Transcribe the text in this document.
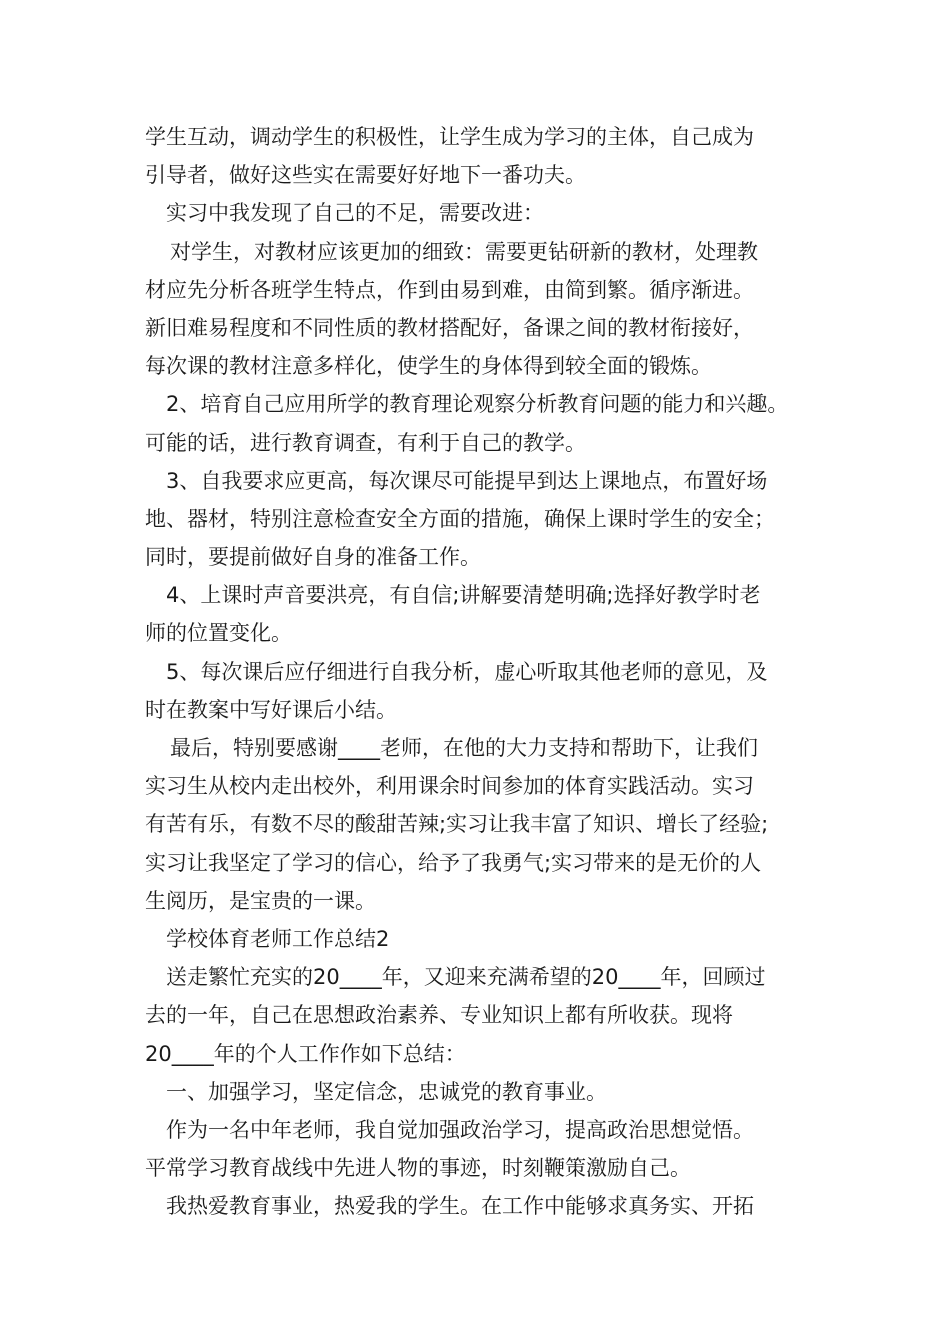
学生互动，调动学生的积极性，让学生成为学习的主体，自己成为
引导者，做好这些实在需要好好地下一番功夫。
实习中我发现了自己的不足，需要改进：
对学生，对教材应该更加的细致：需要更钻研新的教材，处理教
材应先分析各班学生特点，作到由易到难，由简到繁。循序渐进。
新旧难易程度和不同性质的教材搭配好，备课之间的教材衔接好，
每次课的教材注意多样化，使学生的身体得到较全面的锻炼。
2、培育自己应用所学的教育理论观察分析教育问题的能力和兴趣。
可能的话，进行教育调查，有利于自己的教学。
3、自我要求应更高，每次课尽可能提早到达上课地点，布置好场
地、器材，特别注意检查安全方面的措施，确保上课时学生的安全；
同时，要提前做好自身的准备工作。
4、上课时声音要洪亮，有自信;讲解要清楚明确;选择好教学时老
师的位置变化。
5、每次课后应仔细进行自我分析，虚心听取其他老师的意见，及
时在教案中写好课后小结。
最后，特别要感谢____老师，在他的大力支持和帮助下，让我们
实习生从校内走出校外，利用课余时间参加的体育实践活动。实习
有苦有乐，有数不尽的酸甜苦辣;实习让我丰富了知识、增长了经验;
实习让我坚定了学习的信心，给予了我勇气;实习带来的是无价的人
生阅历，是宝贵的一课。
学校体育老师工作总结2
送走繁忙充实的20____年，又迎来充满希望的20____年，回顾过
去的一年，自己在思想政治素养、专业知识上都有所收获。现将
20____年的个人工作作如下总结：
一、加强学习，坚定信念，忠诚党的教育事业。
作为一名中年老师，我自觉加强政治学习，提高政治思想觉悟。
平常学习教育战线中先进人物的事迹，时刻鞭策激励自己。
我热爱教育事业，热爱我的学生。在工作中能够求真务实、开拓
